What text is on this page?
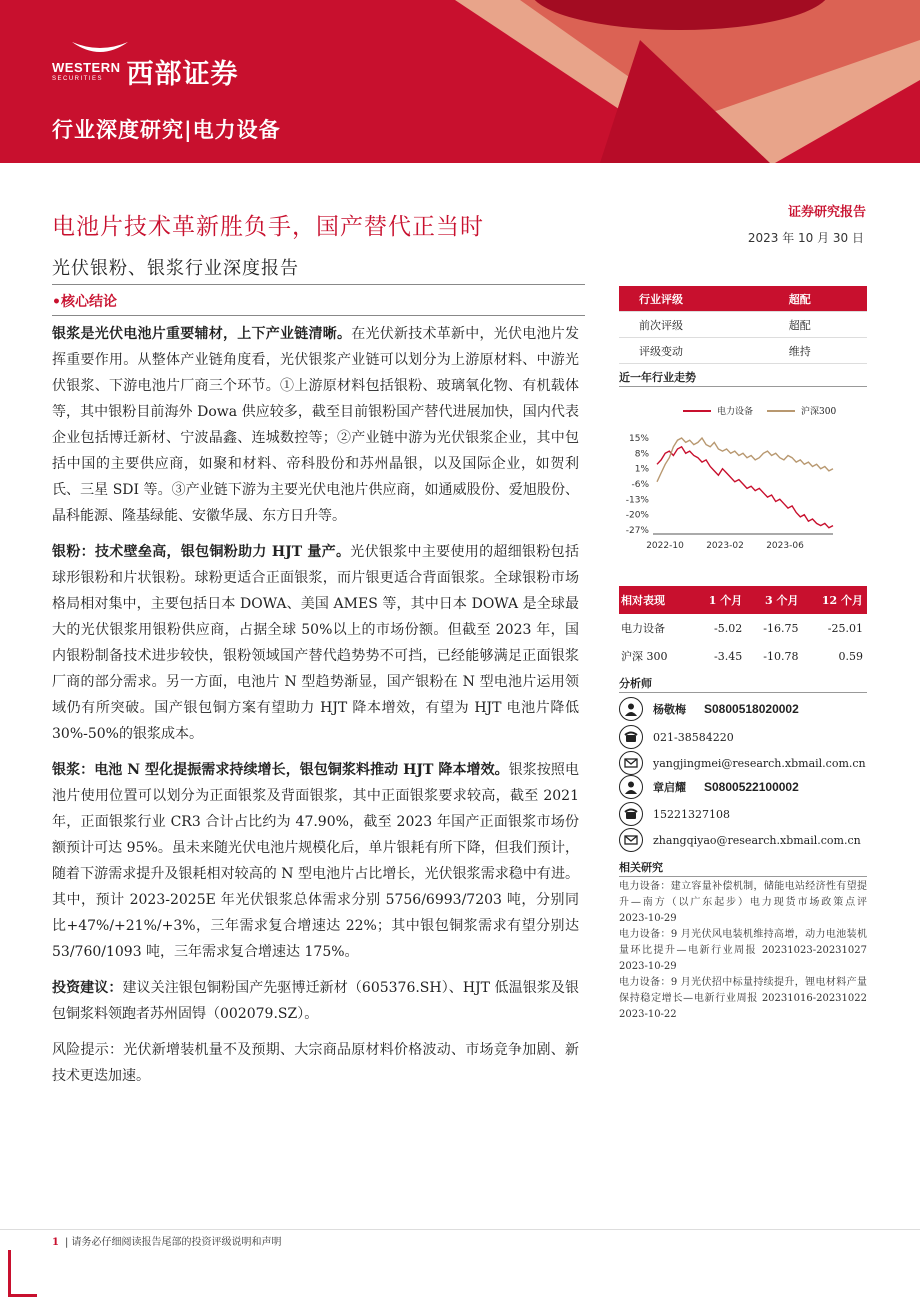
WESTERN
SECURITIES 西部证券
行业深度研究|电力设备
电池片技术革新胜负手，国产替代正当时
光伏银粉、银浆行业深度报告
证券研究报告
2023 年 10 月 30 日
•核心结论

银浆是光伏电池片重要辅材，上下产业链清晰。在光伏新技术革新中，光伏电池片发挥重要作用。从整体产业链角度看，光伏银浆产业链可以划分为上游原材料、中游光伏银浆、下游电池片厂商三个环节。①上游原材料包括银粉、玻璃氧化物、有机载体等，其中银粉目前海外 Dowa 供应较多，截至目前银粉国产替代进展加快，国内代表企业包括博迁新材、宁波晶鑫、连城数控等；②产业链中游为光伏银浆企业，其中包括中国的主要供应商，如聚和材料、帝科股份和苏州晶银，以及国际企业，如贺利氏、三星 SDI 等。③产业链下游为主要光伏电池片供应商，如通威股份、爱旭股份、晶科能源、隆基绿能、安徽华晟、东方日升等。

银粉：技术壁垒高，银包铜粉助力 HJT 量产。光伏银浆中主要使用的超细银粉包括球形银粉和片状银粉。球粉更适合正面银浆，而片银更适合背面银浆。全球银粉市场格局相对集中，主要包括日本 DOWA、美国 AMES 等，其中日本 DOWA 是全球最大的光伏银浆用银粉供应商，占据全球 50%以上的市场份额。但截至 2023 年，国内银粉制备技术进步较快，银粉领域国产替代趋势势不可挡，已经能够满足正面银浆厂商的部分需求。另一方面，电池片 N 型趋势渐显，国产银粉在 N 型电池片运用领域仍有所突破。国产银包铜方案有望助力 HJT 降本增效，有望为 HJT 电池片降低 30%-50%的银浆成本。

银浆：电池 N 型化提振需求持续增长，银包铜浆料推动 HJT 降本增效。银浆按照电池片使用位置可以划分为正面银浆及背面银浆，其中正面银浆要求较高，截至 2021 年，正面银浆行业 CR3 合计占比约为 47.90%，截至 2023 年国产正面银浆市场份额预计可达 95%。虽未来随光伏电池片规模化后，单片银耗有所下降，但我们预计，随着下游需求提升及银耗相对较高的 N 型电池片占比增长，光伏银浆需求稳中有进。其中，预计 2023-2025E 年光伏银浆总体需求分别 5756/6993/7203 吨，分别同比+47%/+21%/+3%，三年需求复合增速达 22%；其中银包铜浆需求有望分别达 53/760/1093 吨，三年需求复合增速达 175%。

投资建议：建议关注银包铜粉国产先驱博迁新材（605376.SH）、HJT 低温银浆及银包铜浆料领跑者苏州固锝（002079.SZ）。

风险提示：光伏新增装机量不及预期、大宗商品原材料价格波动、市场竞争加剧、新技术更迭加速。

行业评级	超配
前次评级	超配
评级变动	维持
近一年行业走势
电力设备	沪深300
15%
8%
1%
-6%
-13%
-20%
-27%
2022-10 2023-02 2023-06
相对表现	1 个月	3 个月	12 个月
电力设备	-5.02	-16.75	-25.01
沪深 300	-3.45	-10.78	0.59
分析师
杨敬梅 S0800518020002
021-38584220
yangjingmei@research.xbmail.com.cn
章启耀 S0800522100002
15221327108
zhangqiyao@research.xbmail.com.cn
相关研究
电力设备：建立容量补偿机制，储能电站经济性有望提升—南方（以广东起步）电力现货市场政策点评　2023-10-29
电力设备：9 月光伏风电装机维持高增，动力电池装机量环比提升—电新行业周报 20231023-20231027　2023-10-29
电力设备：9 月光伏招中标量持续提升，锂电材料产量保持稳定增长—电新行业周报 20231016-20231022　2023-10-22
1 | 请务必仔细阅读报告尾部的投资评级说明和声明
